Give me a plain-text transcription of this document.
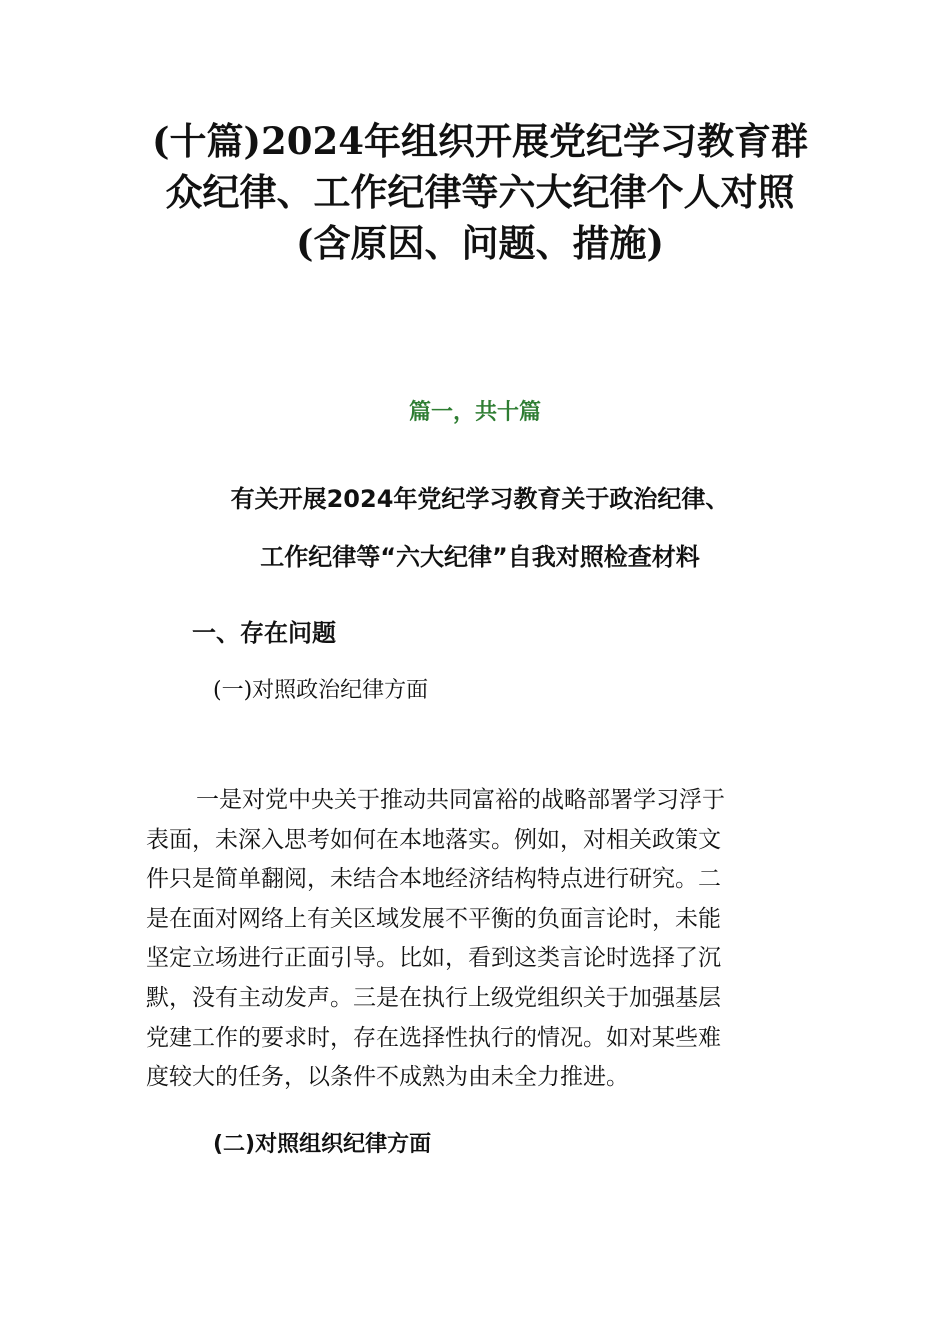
(十篇)2024年组织开展党纪学习教育群
众纪律、工作纪律等六大纪律个人对照
(含原因、问题、措施)
篇一，共十篇
有关开展2024年党纪学习教育关于政治纪律、
工作纪律等“六大纪律”自我对照检查材料
一、存在问题
(一)对照政治纪律方面

一是对党中央关于推动共同富裕的战略部署学习浮于
表面，未深入思考如何在本地落实。例如，对相关政策文
件只是简单翻阅，未结合本地经济结构特点进行研究。二
是在面对网络上有关区域发展不平衡的负面言论时，未能
坚定立场进行正面引导。比如，看到这类言论时选择了沉
默，没有主动发声。三是在执行上级党组织关于加强基层
党建工作的要求时，存在选择性执行的情况。如对某些难
度较大的任务，以条件不成熟为由未全力推进。

(二)对照组织纪律方面
